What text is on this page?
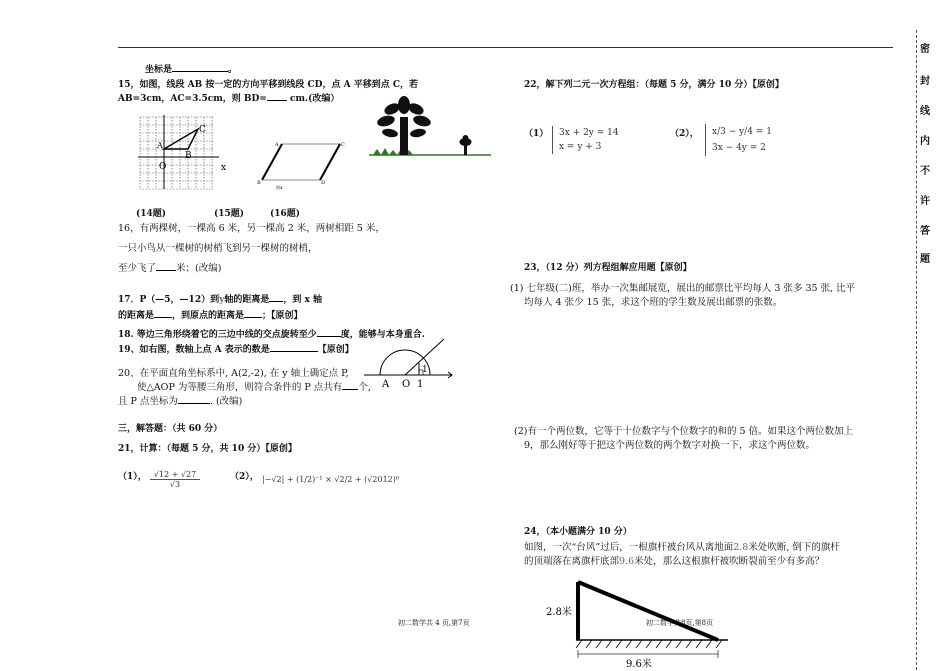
密
封
线
内
不
许
答
题
坐标是	。
15，如图，线段 AB 按一定的方向平移到线段 CD，点 A 平移到点 C，若
AB=3cm，AC=3.5cm，则 BD=	cm.(改编）
C
A
B
O	x
A	C
B	D
图4
(14题)	(15题)	(16题)
16，有两棵树，一棵高 6 米，另一棵高 2 米，两树相距 5 米，
一只小鸟从一棵树的树梢飞到另一棵树的树梢，
至少飞了 米；(改编)
17．P（—5，—12）到y轴的距离是 ，到 x 轴
的距离是 ，到原点的距离是 ；【原创】
18. 等边三角形绕着它的三边中线的交点旋转至少	度，能够与本身重合.
19、如右图，数轴上点 A 表示的数是	【原创】
1
A O 1
20、在平面直角坐标系中, A(2,-2), 在 y 轴上确定点 P,
使△AOP 为等腰三角形，则符合条件的 P 点共有 个,
且 P 点坐标为	. (改编)
三，解答题：（共 60 分）
21，计算：（每题 5 分，共 10 分）【原创】
（1）， √12 + √27
√3
（2）， |−√2| + (1/2)⁻¹ × √2/2 + (√2012)⁰
初二数学共 4 页,第7页
22，解下列二元一次方程组：（每题 5 分，满分 10 分）【原创】
（1） 3x + 2y = 14
x = y + 3
（2）， x/3 − y/4 = 1
3x − 4y = 2
23，（12 分）列方程组解应用题【原创】
(1) 七年级(二)班，举办一次集邮展览，展出的邮票比平均每人 3 张多 35 张, 比平
均每人 4 张少 15 张，求这个班的学生数及展出邮票的张数。
(2)有一个两位数，它等于十位数字与个位数字的和的 5 倍。如果这个两位数加上
9，那么刚好等于把这个两位数的两个数字对换一下，求这个两位数。
24，（本小题满分 10 分）
如图，一次“台风”过后，一根旗杆被台风从离地面2.8米处吹断, 倒下的旗杆
的顶端落在离旗杆底部9.6米处，那么这根旗杆被吹断裂前至少有多高？
2.8米
9.6米
初二数学共8页,第8页
